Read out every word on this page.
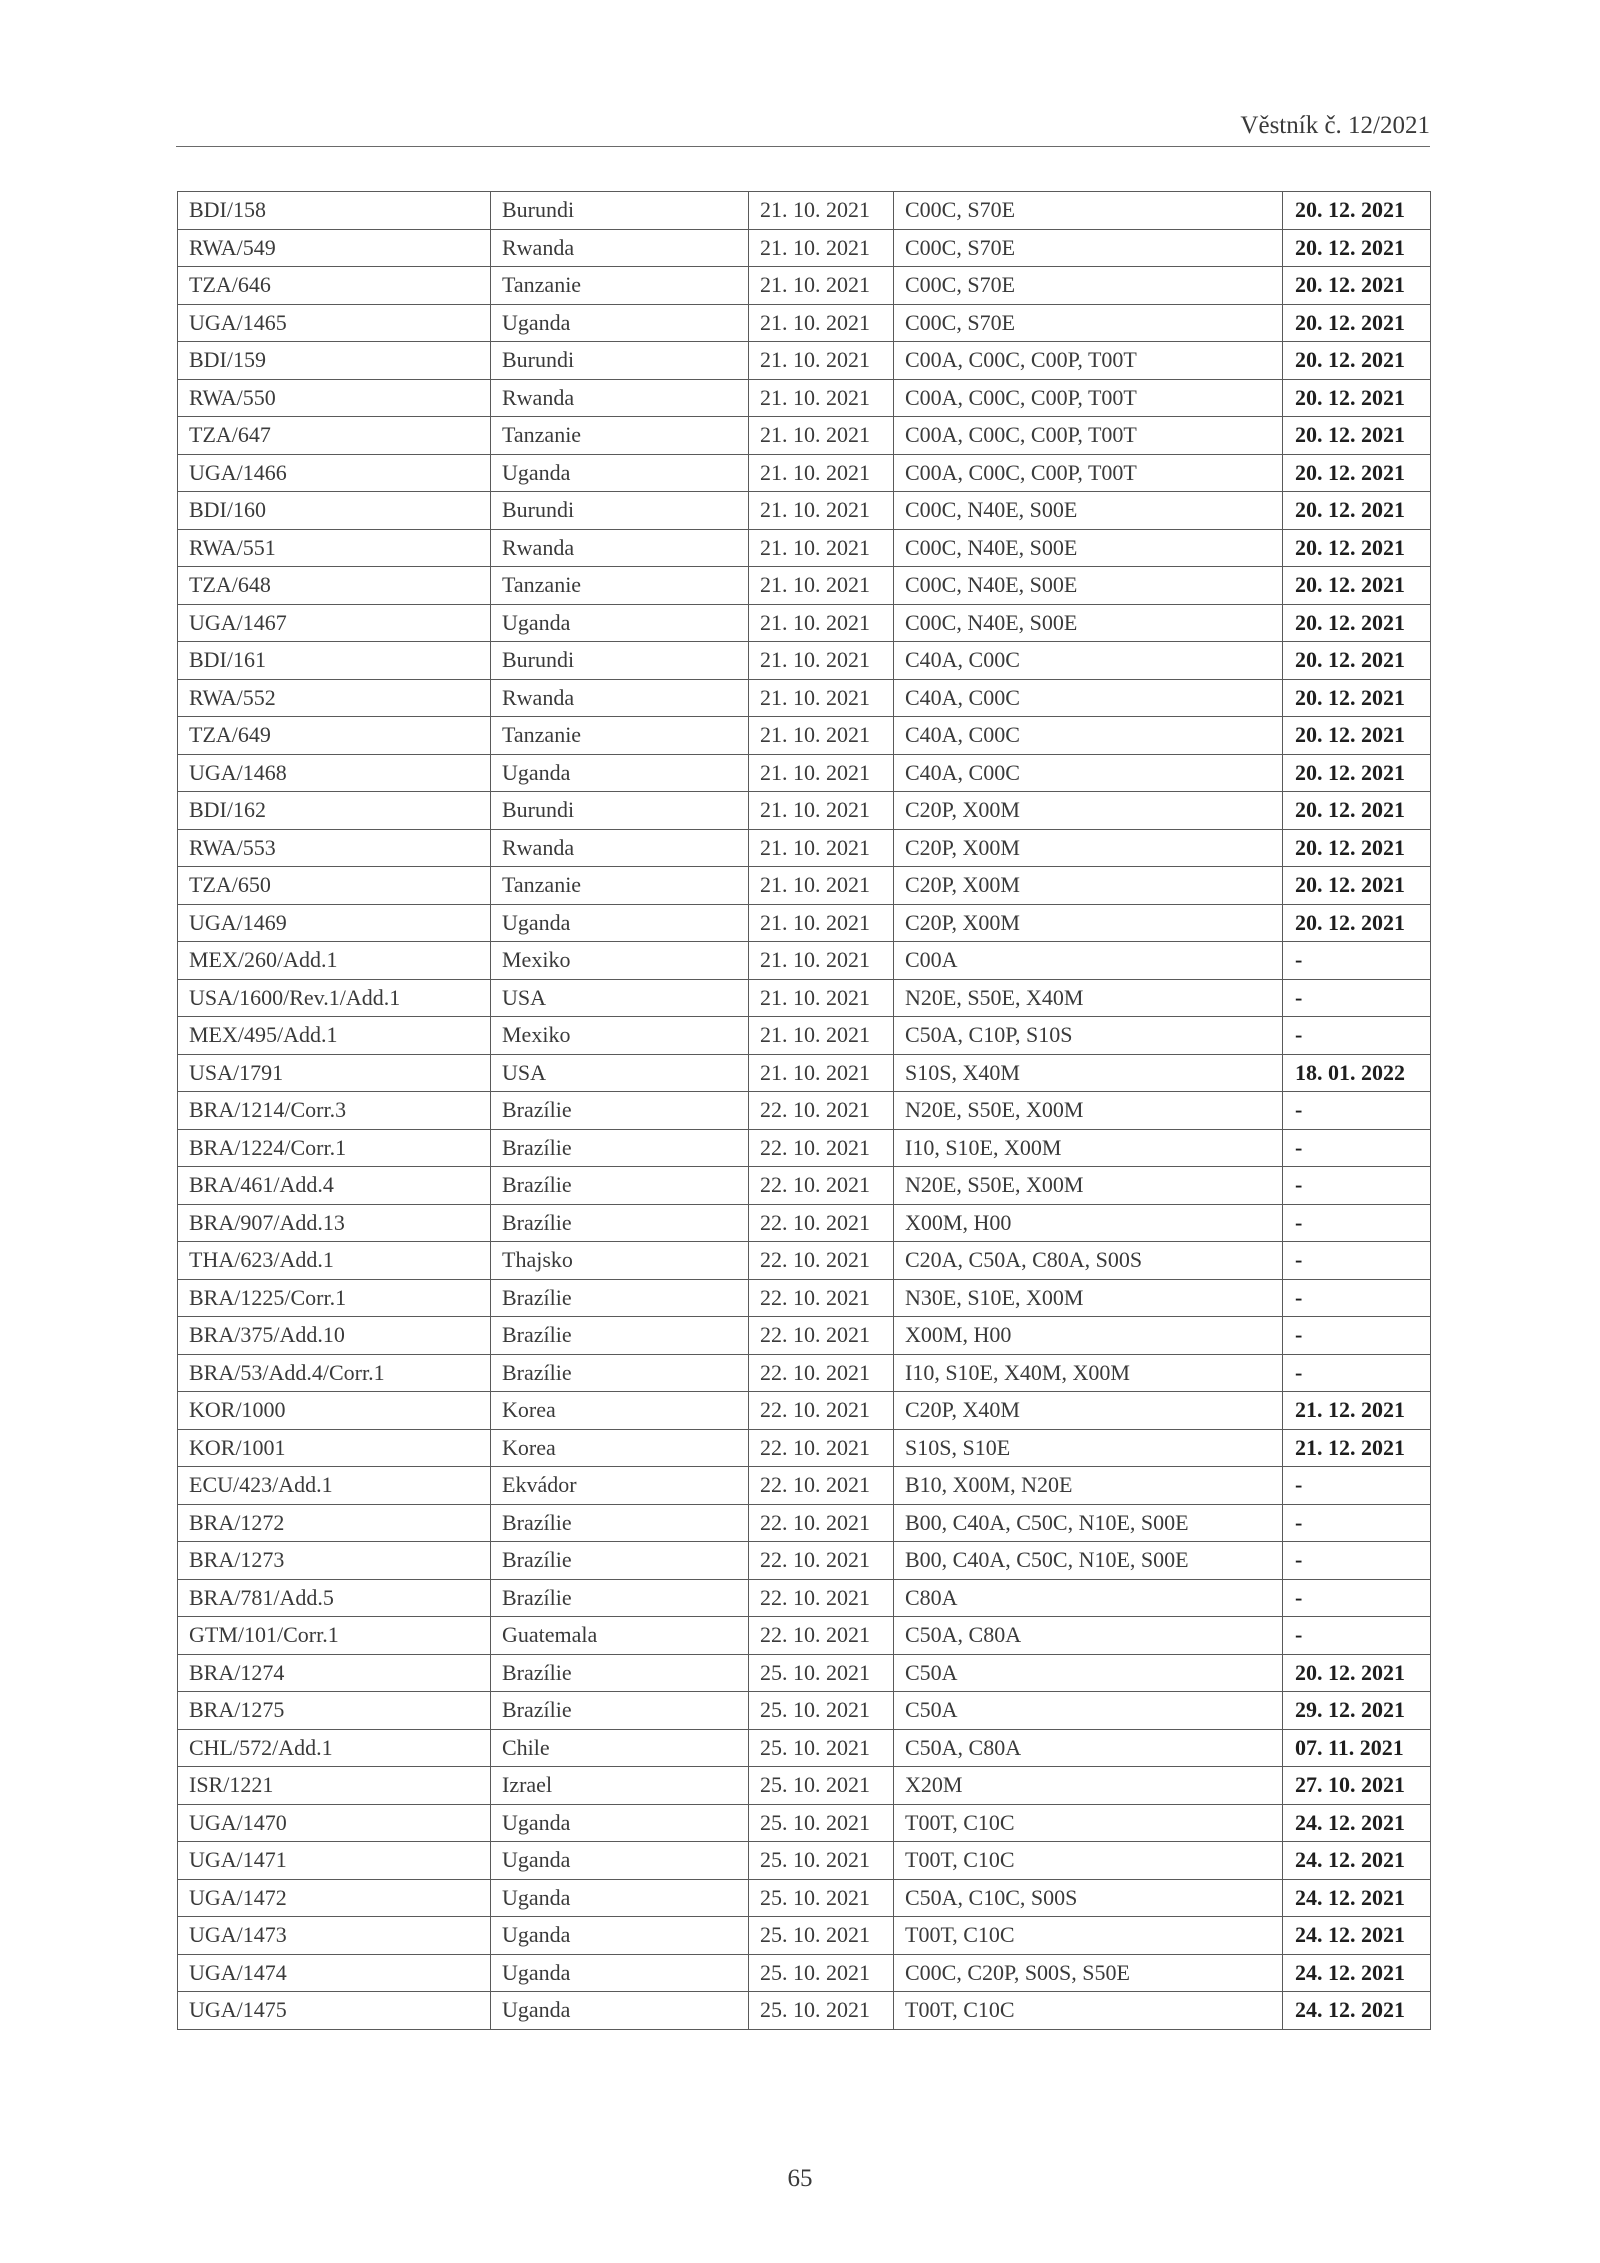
Věstník č. 12/2021
BDI/158	Burundi	21. 10. 2021	C00C, S70E	20. 12. 2021
RWA/549	Rwanda	21. 10. 2021	C00C, S70E	20. 12. 2021
TZA/646	Tanzanie	21. 10. 2021	C00C, S70E	20. 12. 2021
UGA/1465	Uganda	21. 10. 2021	C00C, S70E	20. 12. 2021
BDI/159	Burundi	21. 10. 2021	C00A, C00C, C00P, T00T	20. 12. 2021
RWA/550	Rwanda	21. 10. 2021	C00A, C00C, C00P, T00T	20. 12. 2021
TZA/647	Tanzanie	21. 10. 2021	C00A, C00C, C00P, T00T	20. 12. 2021
UGA/1466	Uganda	21. 10. 2021	C00A, C00C, C00P, T00T	20. 12. 2021
BDI/160	Burundi	21. 10. 2021	C00C, N40E, S00E	20. 12. 2021
RWA/551	Rwanda	21. 10. 2021	C00C, N40E, S00E	20. 12. 2021
TZA/648	Tanzanie	21. 10. 2021	C00C, N40E, S00E	20. 12. 2021
UGA/1467	Uganda	21. 10. 2021	C00C, N40E, S00E	20. 12. 2021
BDI/161	Burundi	21. 10. 2021	C40A, C00C	20. 12. 2021
RWA/552	Rwanda	21. 10. 2021	C40A, C00C	20. 12. 2021
TZA/649	Tanzanie	21. 10. 2021	C40A, C00C	20. 12. 2021
UGA/1468	Uganda	21. 10. 2021	C40A, C00C	20. 12. 2021
BDI/162	Burundi	21. 10. 2021	C20P, X00M	20. 12. 2021
RWA/553	Rwanda	21. 10. 2021	C20P, X00M	20. 12. 2021
TZA/650	Tanzanie	21. 10. 2021	C20P, X00M	20. 12. 2021
UGA/1469	Uganda	21. 10. 2021	C20P, X00M	20. 12. 2021
MEX/260/Add.1	Mexiko	21. 10. 2021	C00A	-
USA/1600/Rev.1/Add.1	USA	21. 10. 2021	N20E, S50E, X40M	-
MEX/495/Add.1	Mexiko	21. 10. 2021	C50A, C10P, S10S	-
USA/1791	USA	21. 10. 2021	S10S, X40M	18. 01. 2022
BRA/1214/Corr.3	Brazílie	22. 10. 2021	N20E, S50E, X00M	-
BRA/1224/Corr.1	Brazílie	22. 10. 2021	I10, S10E, X00M	-
BRA/461/Add.4	Brazílie	22. 10. 2021	N20E, S50E, X00M	-
BRA/907/Add.13	Brazílie	22. 10. 2021	X00M, H00	-
THA/623/Add.1	Thajsko	22. 10. 2021	C20A, C50A, C80A, S00S	-
BRA/1225/Corr.1	Brazílie	22. 10. 2021	N30E, S10E, X00M	-
BRA/375/Add.10	Brazílie	22. 10. 2021	X00M, H00	-
BRA/53/Add.4/Corr.1	Brazílie	22. 10. 2021	I10, S10E, X40M, X00M	-
KOR/1000	Korea	22. 10. 2021	C20P, X40M	21. 12. 2021
KOR/1001	Korea	22. 10. 2021	S10S, S10E	21. 12. 2021
ECU/423/Add.1	Ekvádor	22. 10. 2021	B10, X00M, N20E	-
BRA/1272	Brazílie	22. 10. 2021	B00, C40A, C50C, N10E, S00E	-
BRA/1273	Brazílie	22. 10. 2021	B00, C40A, C50C, N10E, S00E	-
BRA/781/Add.5	Brazílie	22. 10. 2021	C80A	-
GTM/101/Corr.1	Guatemala	22. 10. 2021	C50A, C80A	-
BRA/1274	Brazílie	25. 10. 2021	C50A	20. 12. 2021
BRA/1275	Brazílie	25. 10. 2021	C50A	29. 12. 2021
CHL/572/Add.1	Chile	25. 10. 2021	C50A, C80A	07. 11. 2021
ISR/1221	Izrael	25. 10. 2021	X20M	27. 10. 2021
UGA/1470	Uganda	25. 10. 2021	T00T, C10C	24. 12. 2021
UGA/1471	Uganda	25. 10. 2021	T00T, C10C	24. 12. 2021
UGA/1472	Uganda	25. 10. 2021	C50A, C10C, S00S	24. 12. 2021
UGA/1473	Uganda	25. 10. 2021	T00T, C10C	24. 12. 2021
UGA/1474	Uganda	25. 10. 2021	C00C, C20P, S00S, S50E	24. 12. 2021
UGA/1475	Uganda	25. 10. 2021	T00T, C10C	24. 12. 2021
65
